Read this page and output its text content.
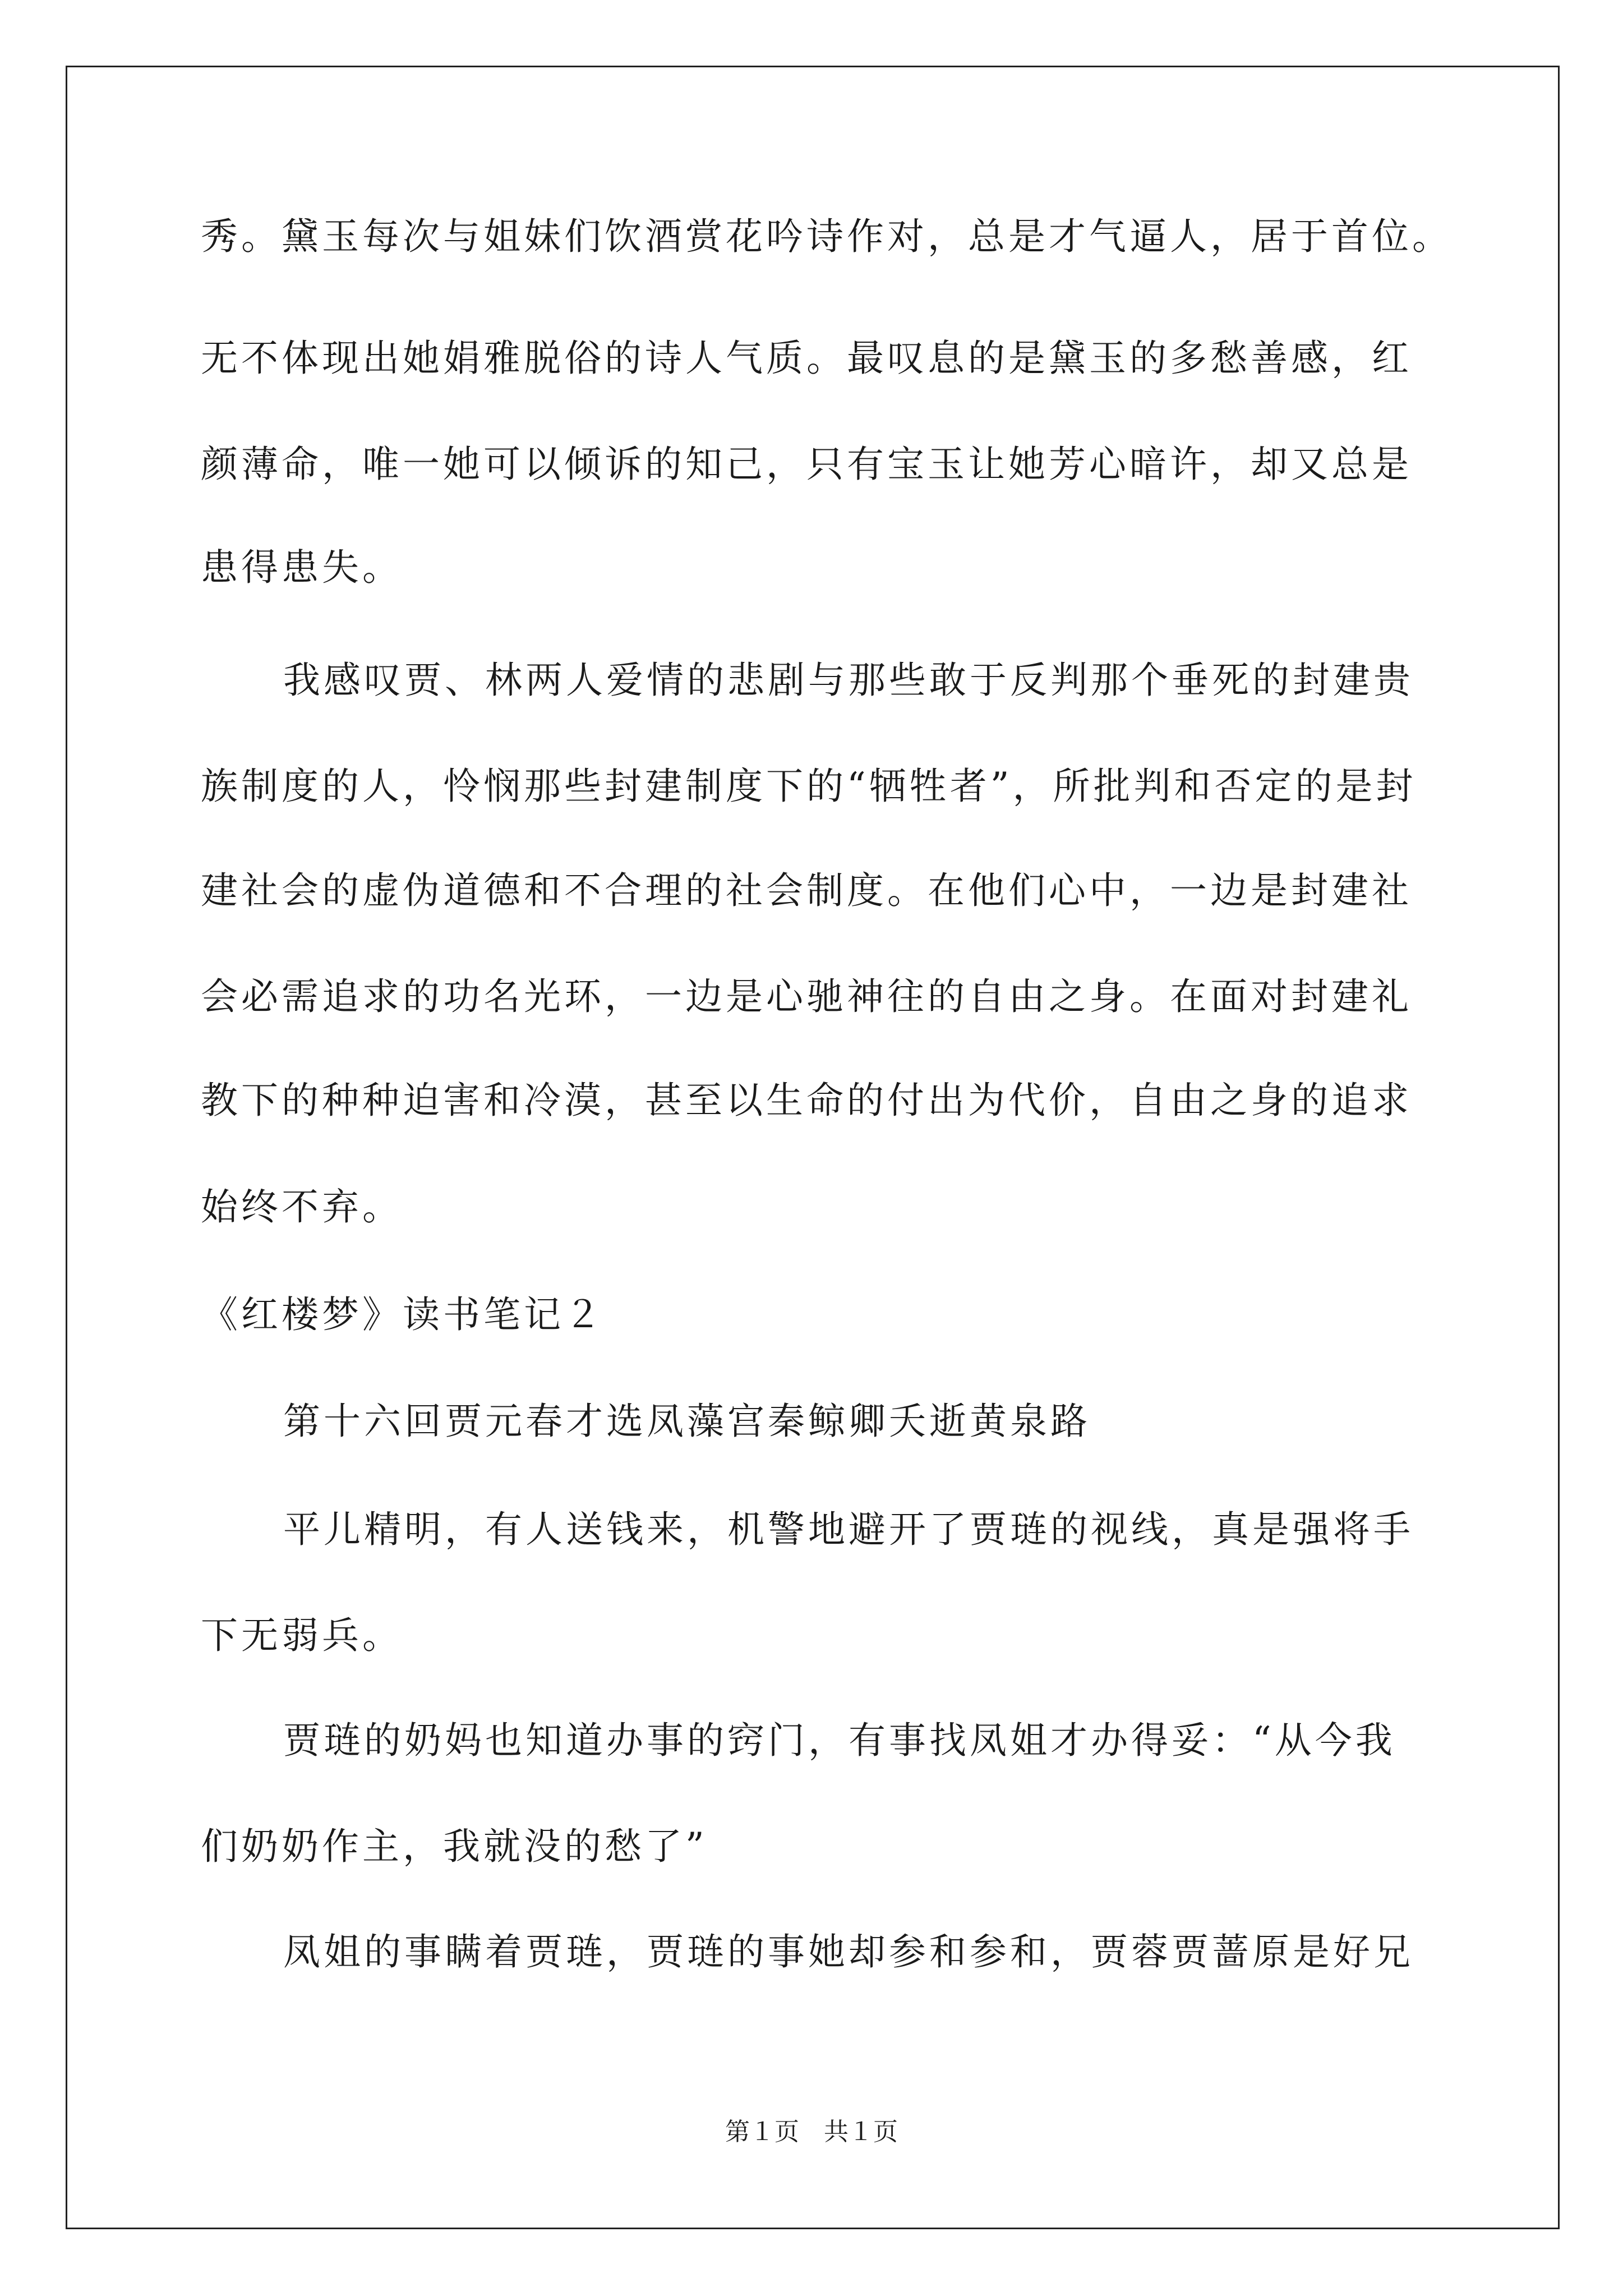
秀。黛玉每次与姐妹们饮酒赏花吟诗作对，总是才气逼人，居于首位。
无不体现出她娟雅脱俗的诗人气质。最叹息的是黛玉的多愁善感，红
颜薄命，唯一她可以倾诉的知己，只有宝玉让她芳心暗许，却又总是
患得患失。
我感叹贾、林两人爱情的悲剧与那些敢于反判那个垂死的封建贵
族制度的人，怜悯那些封建制度下的“牺牲者”，所批判和否定的是封
建社会的虚伪道德和不合理的社会制度。在他们心中，一边是封建社
会必需追求的功名光环，一边是心驰神往的自由之身。在面对封建礼
教下的种种迫害和冷漠，甚至以生命的付出为代价，自由之身的追求
始终不弃。
《红楼梦》读书笔记２
第十六回贾元春才选凤藻宫秦鲸卿夭逝黄泉路
平儿精明，有人送钱来，机警地避开了贾琏的视线，真是强将手
下无弱兵。
贾琏的奶妈也知道办事的窍门，有事找凤姐才办得妥：“从今我
们奶奶作主，我就没的愁了”
凤姐的事瞒着贾琏，贾琏的事她却参和参和，贾蓉贾蔷原是好兄
第１页　共１页
